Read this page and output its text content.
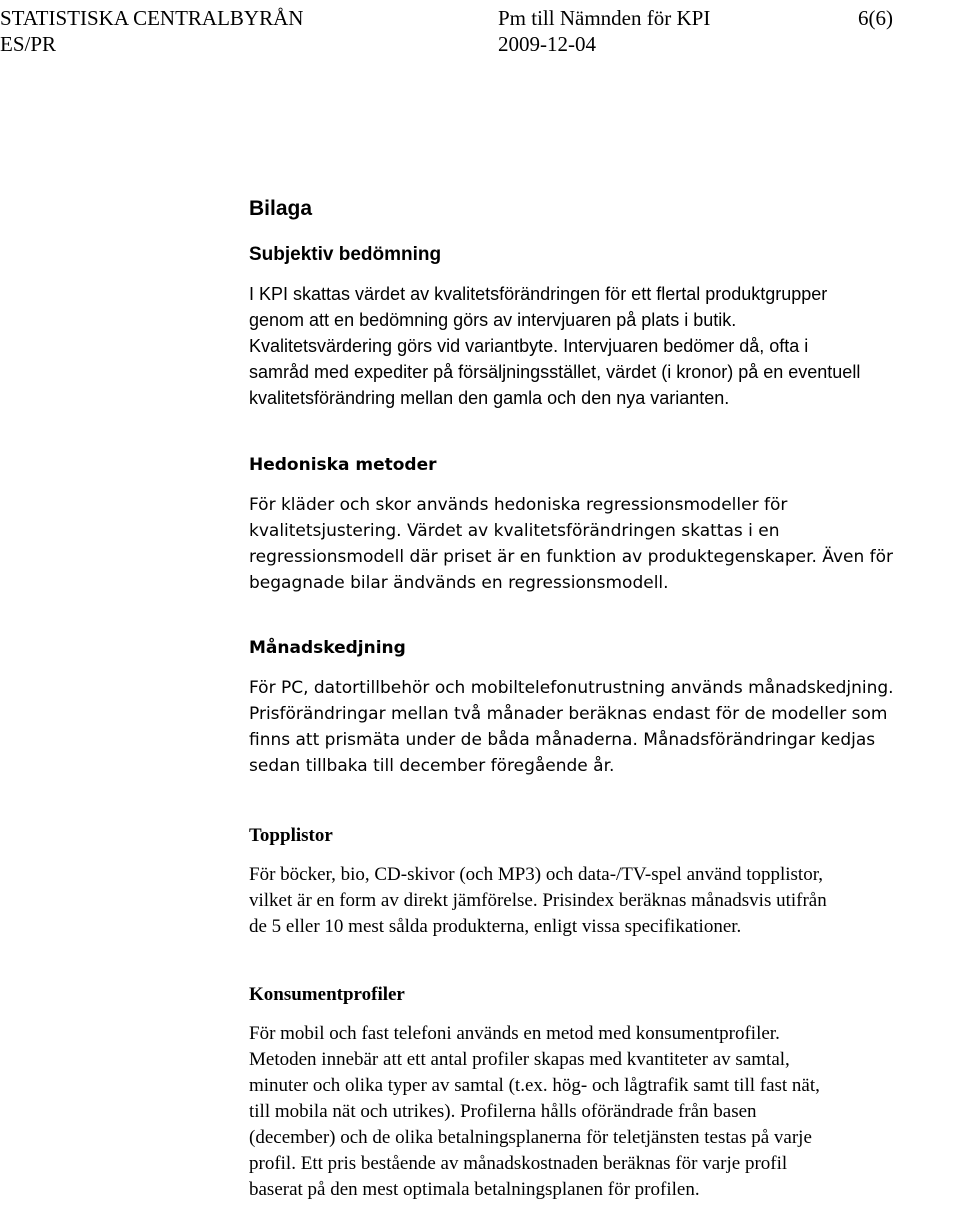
STATISTISKA CENTRALBYRÅN	Pm till Nämnden för KPI	6(6)

ES/PR	2009-12-04

Bilaga
Subjektiv bedömning

I KPI skattas värdet av kvalitetsförändringen för ett flertal produktgrupper

genom att en bedömning görs av intervjuaren på plats i butik.

Kvalitetsvärdering görs vid variantbyte. Intervjuaren bedömer då, ofta i

samråd med expediter på försäljningsstället, värdet (i kronor) på en eventuell

kvalitetsförändring mellan den gamla och den nya varianten.

Hedoniska metoder

För kläder och skor används hedoniska regressionsmodeller för

kvalitetsjustering. Värdet av kvalitetsförändringen skattas i en

regressionsmodell där priset är en funktion av produktegenskaper. Även för

begagnade bilar ändvänds en regressionsmodell.

Månadskedjning

För PC, datortillbehör och mobiltelefonutrustning används månadskedjning.

Prisförändringar mellan två månader beräknas endast för de modeller som

finns att prismäta under de båda månaderna. Månadsförändringar kedjas

sedan tillbaka till december föregående år.

Topplistor

För böcker, bio, CD-skivor (och MP3) och data-/TV-spel använd topplistor,

vilket är en form av direkt jämförelse. Prisindex beräknas månadsvis utifrån

de 5 eller 10 mest sålda produkterna, enligt vissa specifikationer.

Konsumentprofiler

För mobil och fast telefoni används en metod med konsumentprofiler.

Metoden innebär att ett antal profiler skapas med kvantiteter av samtal,

minuter och olika typer av samtal (t.ex. hög- och lågtrafik samt till fast nät,

till mobila nät och utrikes). Profilerna hålls oförändrade från basen

(december) och de olika betalningsplanerna för teletjänsten testas på varje

profil. Ett pris bestående av månadskostnaden beräknas för varje profil

baserat på den mest optimala betalningsplanen för profilen.
